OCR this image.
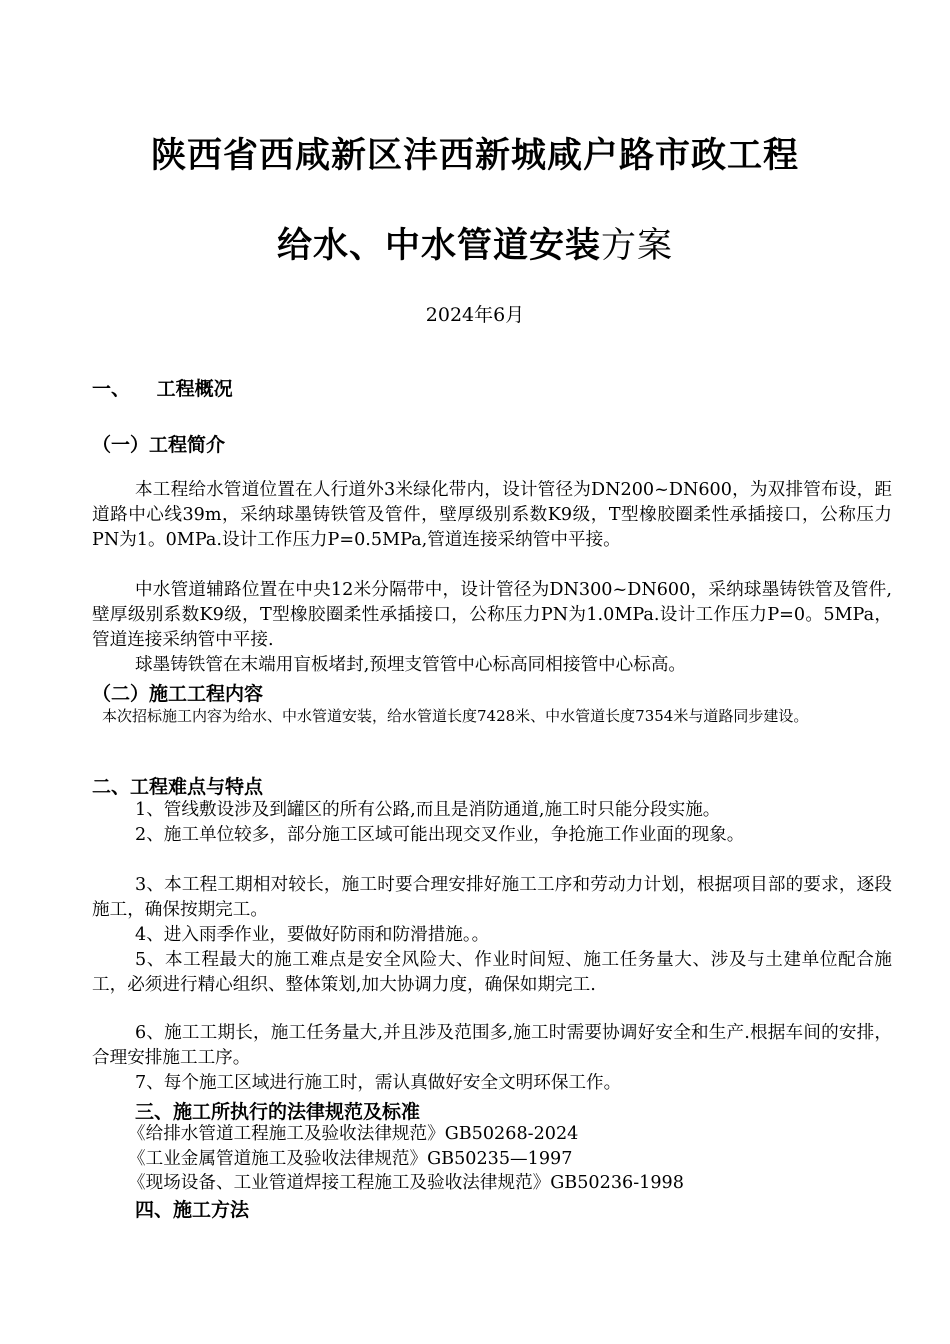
陕西省西咸新区沣西新城咸户路市政工程
给水、中水管道安装方案
2024年6月
一、 工程概况
（一）工程简介

本工程给水管道位置在人行道外3米绿化带内，设计管径为DN200~DN600，为双排管布设，距道路中心线39m，采纳球墨铸铁管及管件，壁厚级别系数K9级，T型橡胶圈柔性承插接口，公称压力PN为1。0MPa.设计工作压力P=0.5MPa,管道连接采纳管中平接。

中水管道辅路位置在中央12米分隔带中，设计管径为DN300~DN600，采纳球墨铸铁管及管件,壁厚级别系数K9级，T型橡胶圈柔性承插接口，公称压力PN为1.0MPa.设计工作压力P=0。5MPa，管道连接采纳管中平接.

球墨铸铁管在末端用盲板堵封,预埋支管管中心标高同相接管中心标高。

（二）施工工程内容

本次招标施工内容为给水、中水管道安装，给水管道长度7428米、中水管道长度7354米与道路同步建设。

二、工程难点与特点

1、管线敷设涉及到罐区的所有公路,而且是消防通道,施工时只能分段实施。

2、施工单位较多，部分施工区域可能出现交叉作业，争抢施工作业面的现象。

3、本工程工期相对较长，施工时要合理安排好施工工序和劳动力计划，根据项目部的要求，逐段施工，确保按期完工。

4、进入雨季作业，要做好防雨和防滑措施。。

5、本工程最大的施工难点是安全风险大、作业时间短、施工任务量大、涉及与土建单位配合施工，必须进行精心组织、整体策划,加大协调力度，确保如期完工.

6、施工工期长，施工任务量大,并且涉及范围多,施工时需要协调好安全和生产.根据车间的安排，合理安排施工工序。

7、每个施工区域进行施工时，需认真做好安全文明环保工作。

三、施工所执行的法律规范及标准
《给排水管道工程施工及验收法律规范》GB50268-2024
《工业金属管道施工及验收法律规范》GB50235—1997
《现场设备、工业管道焊接工程施工及验收法律规范》GB50236-1998
四、施工方法
